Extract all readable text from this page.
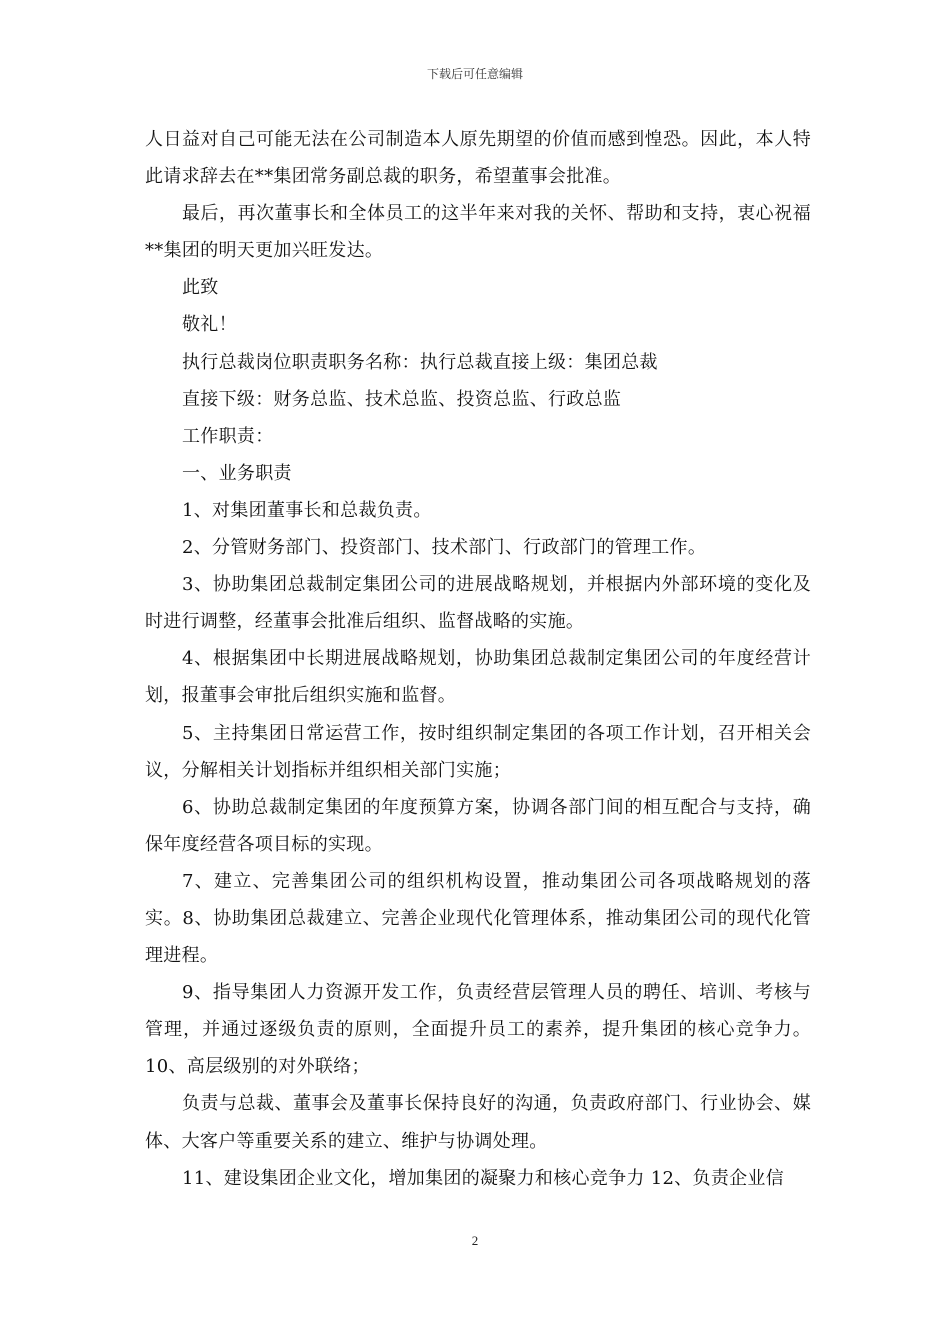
下载后可任意编辑

人日益对自己可能无法在公司制造本人原先期望的价值而感到惶恐。因此，本人特此请求辞去在**集团常务副总裁的职务，希望董事会批准。

最后，再次董事长和全体员工的这半年来对我的关怀、帮助和支持，衷心祝福**集团的明天更加兴旺发达。

此致

敬礼！

执行总裁岗位职责职务名称：执行总裁直接上级：集团总裁

直接下级：财务总监、技术总监、投资总监、行政总监

工作职责：

一、业务职责

1、对集团董事长和总裁负责。

2、分管财务部门、投资部门、技术部门、行政部门的管理工作。

3、协助集团总裁制定集团公司的进展战略规划，并根据内外部环境的变化及时进行调整，经董事会批准后组织、监督战略的实施。

4、根据集团中长期进展战略规划，协助集团总裁制定集团公司的年度经营计划，报董事会审批后组织实施和监督。

5、主持集团日常运营工作，按时组织制定集团的各项工作计划，召开相关会议，分解相关计划指标并组织相关部门实施；

6、协助总裁制定集团的年度预算方案，协调各部门间的相互配合与支持，确保年度经营各项目标的实现。

7、建立、完善集团公司的组织机构设置，推动集团公司各项战略规划的落实。8、协助集团总裁建立、完善企业现代化管理体系，推动集团公司的现代化管理进程。

9、指导集团人力资源开发工作，负责经营层管理人员的聘任、培训、考核与管理，并通过逐级负责的原则，全面提升员工的素养，提升集团的核心竞争力。10、高层级别的对外联络；

负责与总裁、董事会及董事长保持良好的沟通，负责政府部门、行业协会、媒体、大客户等重要关系的建立、维护与协调处理。

11、建设集团企业文化，增加集团的凝聚力和核心竞争力 12、负责企业信

2
